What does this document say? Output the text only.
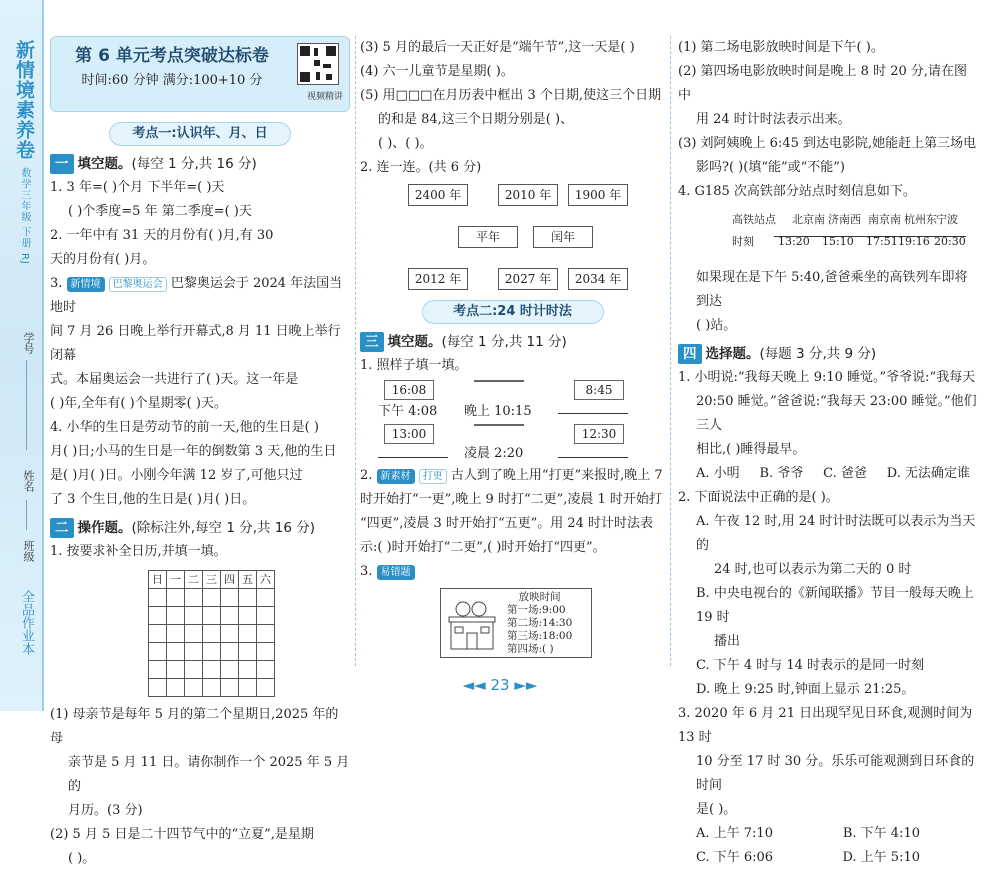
新情境素养卷 数学三年级 下册 RJ
学号
姓名
班级
全品作业本
第 6 单元考点突破达标卷
时间:60 分钟 满分:100+10 分
视频精讲
考点一:认识年、月、日
一 填空题。(每空 1 分,共 16 分)

1. 3 年=( )个月 下半年=( )天

( )个季度=5 年 第二季度=( )天

2. 一年中有 31 天的月份有( )月,有 30

天的月份有( )月。

3. 新情境 巴黎奥运会 巴黎奥运会于 2024 年法国当地时

间 7 月 26 日晚上举行开幕式,8 月 11 日晚上举行闭幕

式。本届奥运会一共进行了( )天。这一年是

( )年,全年有( )个星期零( )天。

4. 小华的生日是劳动节的前一天,他的生日是( )

月( )日;小马的生日是一年的倒数第 3 天,他的生日

是( )月( )日。小刚今年满 12 岁了,可他只过

了 3 个生日,他的生日是( )月( )日。

二 操作题。(除标注外,每空 1 分,共 16 分)

1. 按要求补全日历,并填一填。

日	一	二	三	四	五	六

(1) 母亲节是每年 5 月的第二个星期日,2025 年的母

亲节是 5 月 11 日。请你制作一个 2025 年 5 月的

月历。(3 分)

(2) 5 月 5 日是二十四节气中的“立夏”,是星期

( )。

(3) 5 月的最后一天正好是“端午节”,这一天是( )

(4) 六一儿童节是星期( )。

(5) 用□□□在月历表中框出 3 个日期,使这三个日期

的和是 84,这三个日期分别是( )、

( )、( )。

2. 连一连。(共 6 分)

2400 年	2010 年	1900 年
平年	闰年
2012 年	2027 年	2034 年
考点二:24 时计时法
三 填空题。(每空 1 分,共 11 分)

1. 照样子填一填。

16:08	8:45
下午 4:08 晚上 10:15
13:00	12:30
凌晨 2:20

2. 新素材 打更 古人到了晚上用“打更”来报时,晚上 7

时开始打“一更”,晚上 9 时打“二更”,凌晨 1 时开始打

“四更”,凌晨 3 时开始打“五更”。用 24 时计时法表

示:( )时开始打“二更”,( )时开始打“四更”。

3. 易错题

放映时间
第一场:9:00
第二场:14:30
第三场:18:00
第四场:( )

(1) 第二场电影放映时间是下午( )。

(2) 第四场电影放映时间是晚上 8 时 20 分,请在图中

用 24 时计时法表示出来。

(3) 刘阿姨晚上 6:45 到达电影院,她能赶上第三场电

影吗?( )(填“能”或“不能”)

4. G185 次高铁部分站点时刻信息如下。

高铁站点 北京南 济南西 南京南 杭州东 宁波
时刻 13:20 15:10 17:51 19:16 20:30

如果现在是下午 5:40,爸爸乘坐的高铁列车即将到达

( )站。

四 选择题。(每题 3 分,共 9 分)

1. 小明说:“我每天晚上 9:10 睡觉。”爷爷说:“我每天

20:50 睡觉。”爸爸说:“我每天 23:00 睡觉。”他们三人

相比,( )睡得最早。

A. 小明 B. 爷爷 C. 爸爸 D. 无法确定谁

2. 下面说法中正确的是( )。

A. 午夜 12 时,用 24 时计时法既可以表示为当天的

24 时,也可以表示为第二天的 0 时

B. 中央电视台的《新闻联播》节目一般每天晚上 19 时

播出

C. 下午 4 时与 14 时表示的是同一时刻

D. 晚上 9:25 时,钟面上显示 21:25。

3. 2020 年 6 月 21 日出现罕见日环食,观测时间为 13 时

10 分至 17 时 30 分。乐乐可能观测到日环食的时间

是( )。

A. 上午 7:10	B. 下午 4:10
C. 下午 6:06	D. 上午 5:10
◄◄ 23 ►►
